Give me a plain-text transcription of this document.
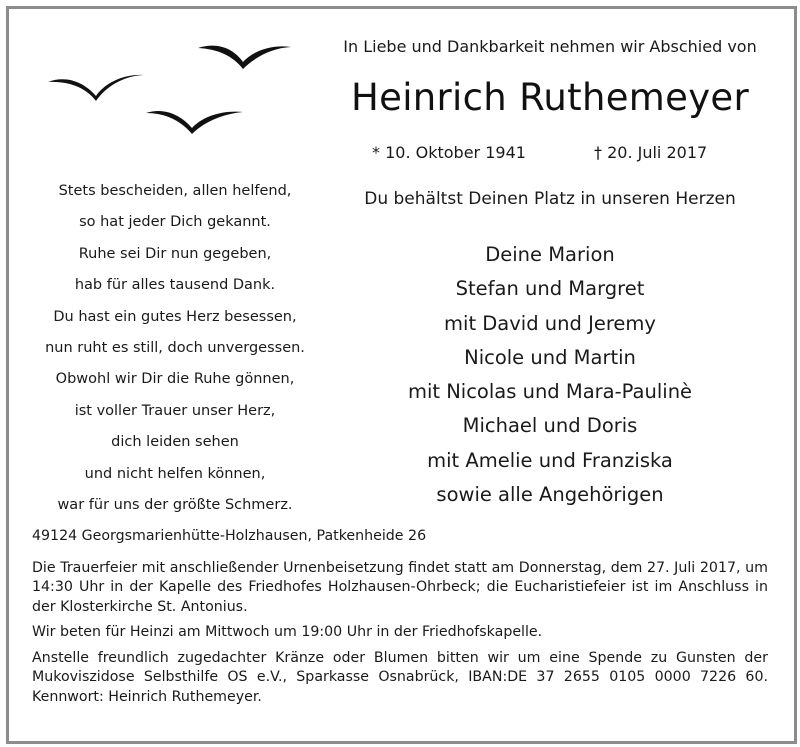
In Liebe und Dankbarkeit nehmen wir Abschied von
Heinrich Ruthemeyer
* 10. Oktober 1941	† 20. Juli 2017
Du behältst Deinen Platz in unseren Herzen
Stets bescheiden, allen helfend,
so hat jeder Dich gekannt.
Ruhe sei Dir nun gegeben,
hab für alles tausend Dank.
Du hast ein gutes Herz besessen,
nun ruht es still, doch unvergessen.
Obwohl wir Dir die Ruhe gönnen,
ist voller Trauer unser Herz,
dich leiden sehen
und nicht helfen können,
war für uns der größte Schmerz.
Deine Marion
Stefan und Margret
mit David und Jeremy
Nicole und Martin
mit Nicolas und Mara-Paulinè
Michael und Doris
mit Amelie und Franziska
sowie alle Angehörigen
49124 Georgsmarienhütte-Holzhausen, Patkenheide 26
Die Trauerfeier mit anschließender Urnenbeisetzung findet statt am Donnerstag, dem 27. Juli 2017, um 14:30 Uhr in der Kapelle des Friedhofes Holzhausen-Ohrbeck; die Eucharistiefeier ist im Anschluss in der Klosterkirche St. Antonius.
Wir beten für Heinzi am Mittwoch um 19:00 Uhr in der Friedhofskapelle.
Anstelle freundlich zugedachter Kränze oder Blumen bitten wir um eine Spende zu Gunsten der Mukoviszidose Selbsthilfe OS e.V., Sparkasse Osnabrück, IBAN:DE 37 2655 0105 0000 7226 60. Kennwort: Heinrich Ruthemeyer.
